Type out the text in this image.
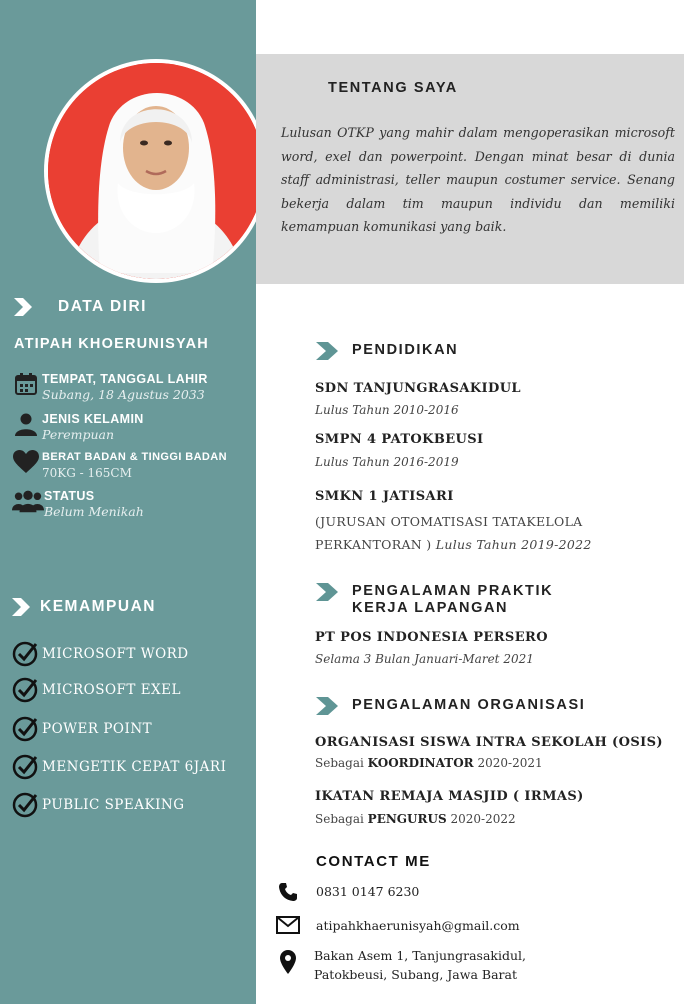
DATA DIRI
ATIPAH KHOERUNISYAH
TEMPAT, TANGGAL LAHIR
Subang, 18 Agustus 2033
JENIS KELAMIN
Perempuan
BERAT BADAN & TINGGI BADAN
70KG - 165CM
STATUS
Belum Menikah
KEMAMPUAN
MICROSOFT WORD
MICROSOFT EXEL
POWER POINT
MENGETIK CEPAT 6JARI
PUBLIC SPEAKING
TENTANG SAYA
Lulusan OTKP yang mahir dalam mengoperasikan microsoft word, exel dan powerpoint. Dengan minat besar di dunia staff administrasi, teller maupun costumer service. Senang bekerja dalam tim maupun individu dan memiliki kemampuan komunikasi yang baik.
PENDIDIKAN
SDN TANJUNGRASAKIDUL
Lulus Tahun 2010-2016
SMPN 4 PATOKBEUSI
Lulus Tahun 2016-2019
SMKN 1 JATISARI
(JURUSAN OTOMATISASI TATAKELOLA
PERKANTORAN ) Lulus Tahun 2019-2022
PENGALAMAN PRAKTIK
KERJA LAPANGAN
PT POS INDONESIA PERSERO
Selama 3 Bulan Januari-Maret 2021
PENGALAMAN ORGANISASI
ORGANISASI SISWA INTRA SEKOLAH (OSIS)
Sebagai KOORDINATOR 2020-2021
IKATAN REMAJA MASJID ( IRMAS)
Sebagai PENGURUS 2020-2022
CONTACT ME
0831 0147 6230
atipahkhaerunisyah@gmail.com
Bakan Asem 1, Tanjungrasakidul,
Patokbeusi, Subang, Jawa Barat
